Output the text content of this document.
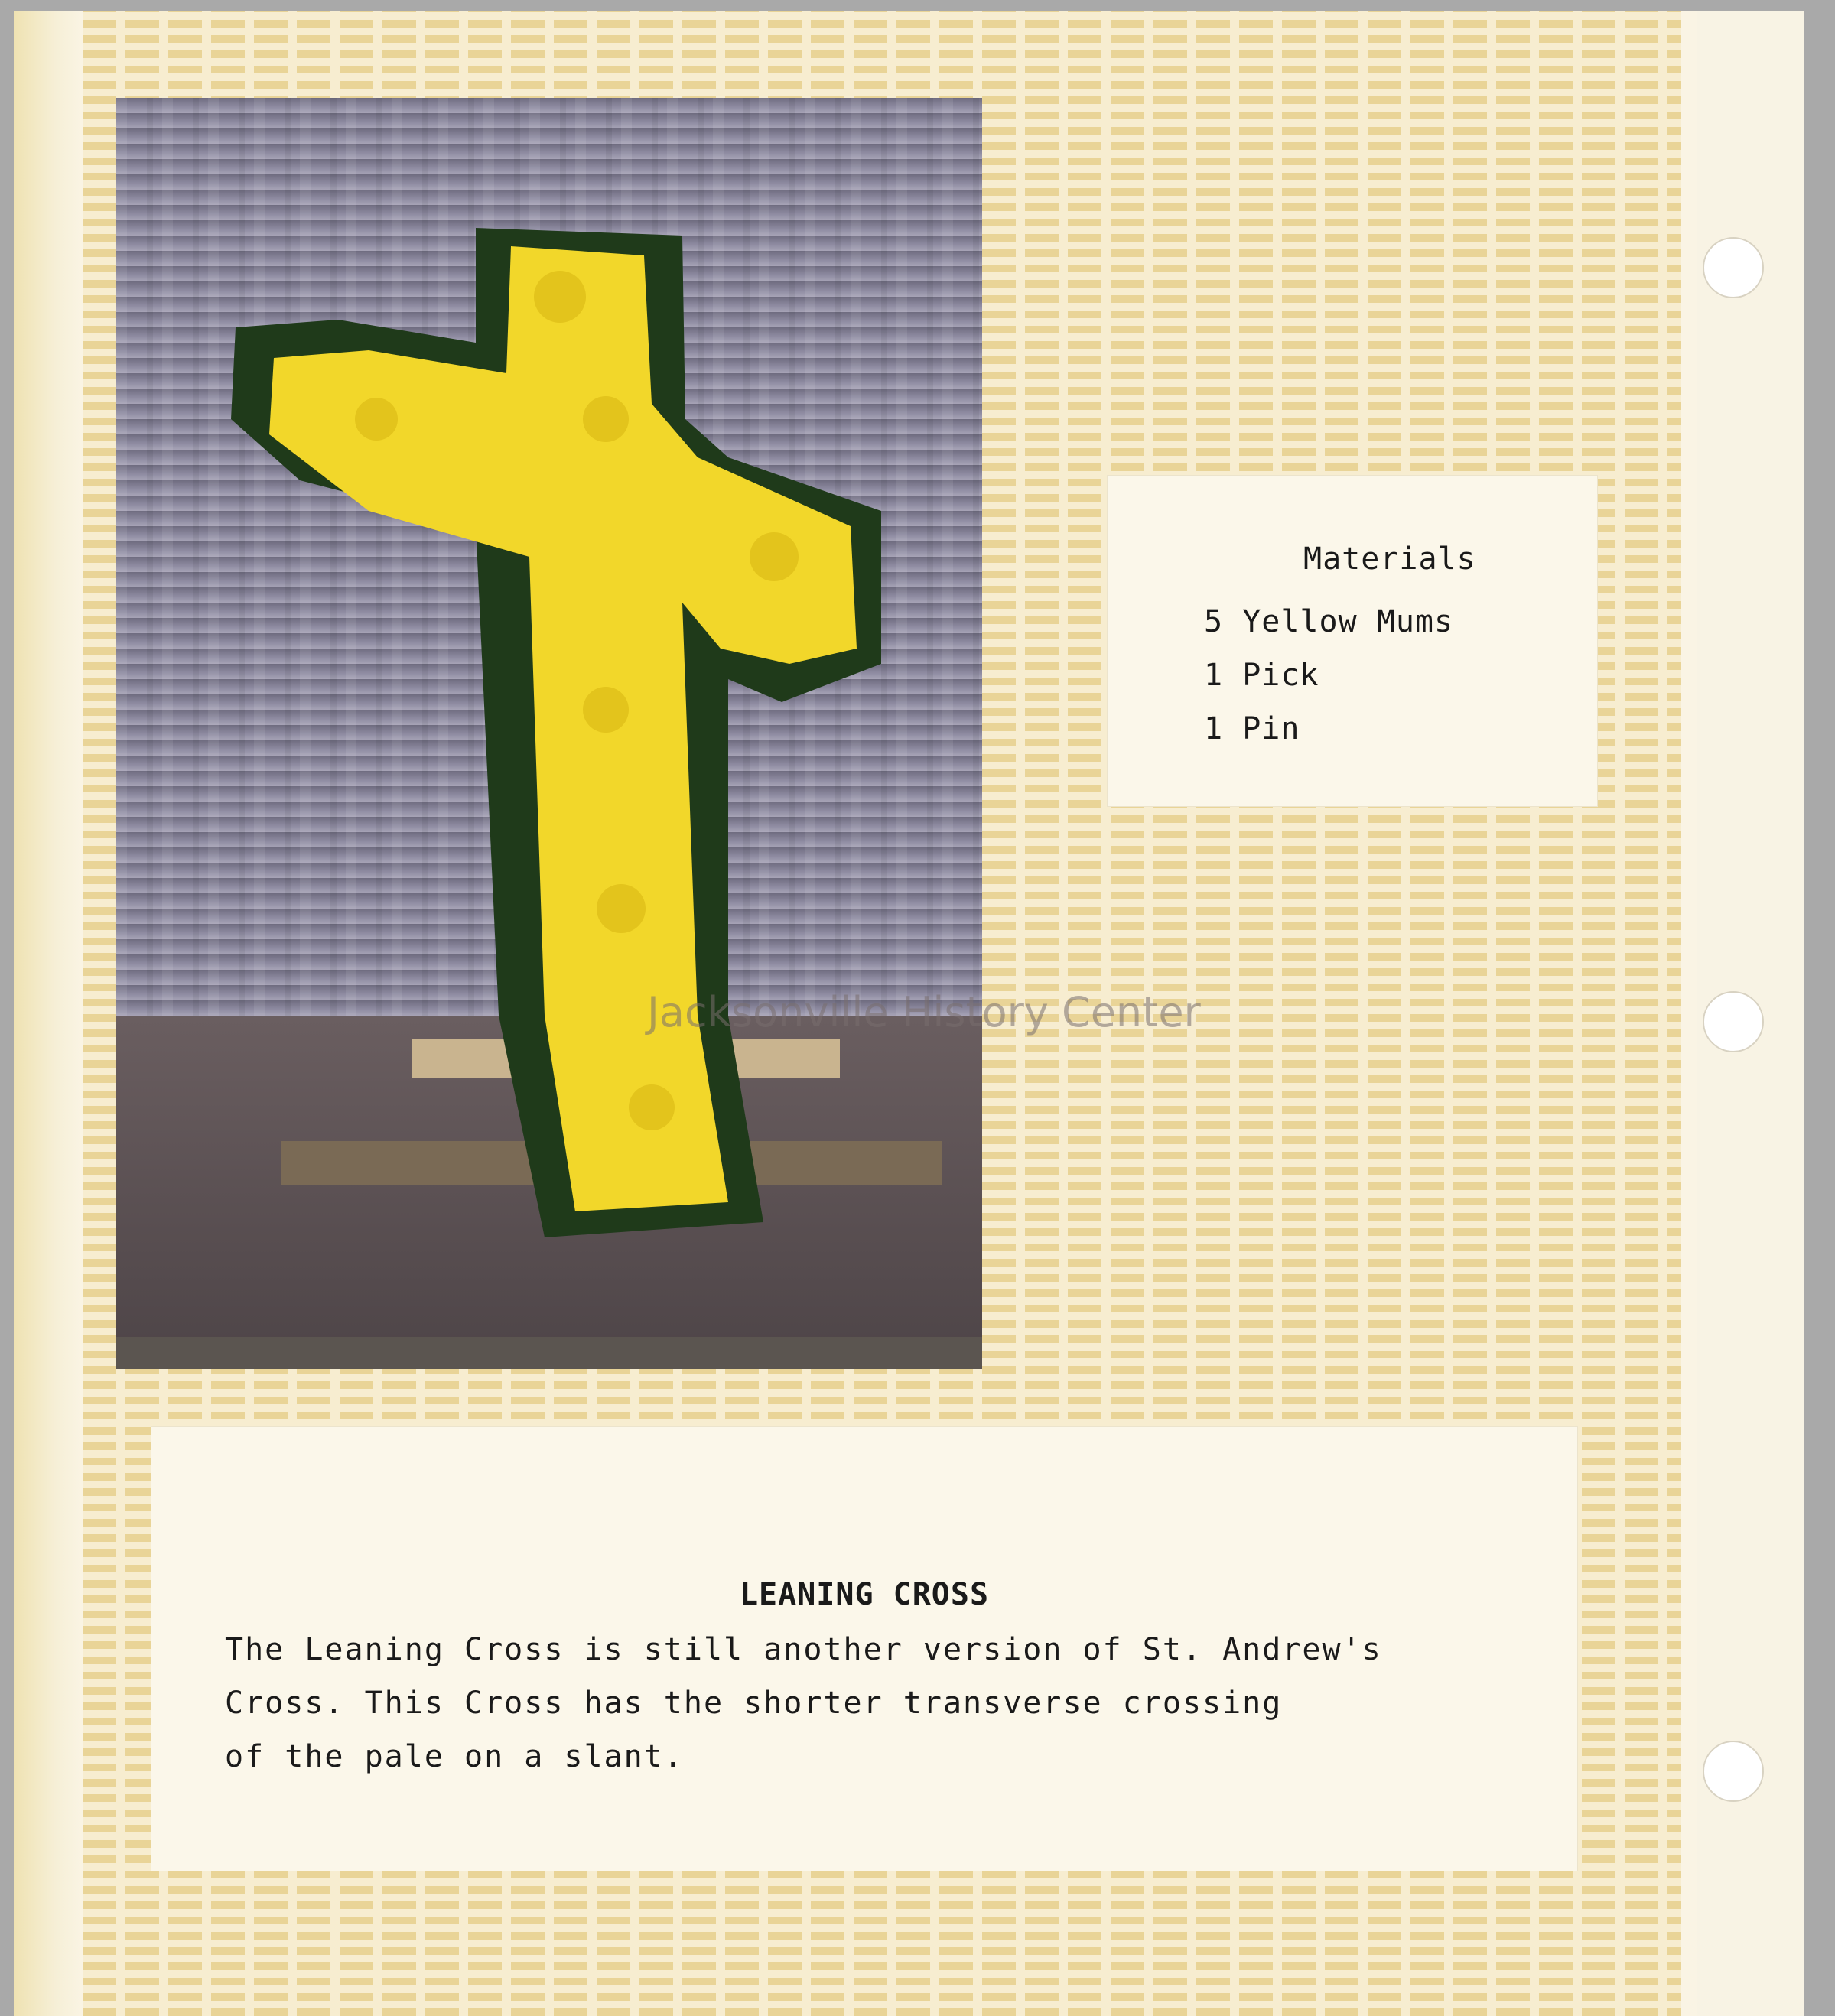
Materials
5 Yellow Mums
1 Pick
1 Pin
LEANING CROSS
The Leaning Cross is still another version of St. Andrew's
Cross. This Cross has the shorter transverse crossing
of the pale on a slant.
Jacksonville History Center
